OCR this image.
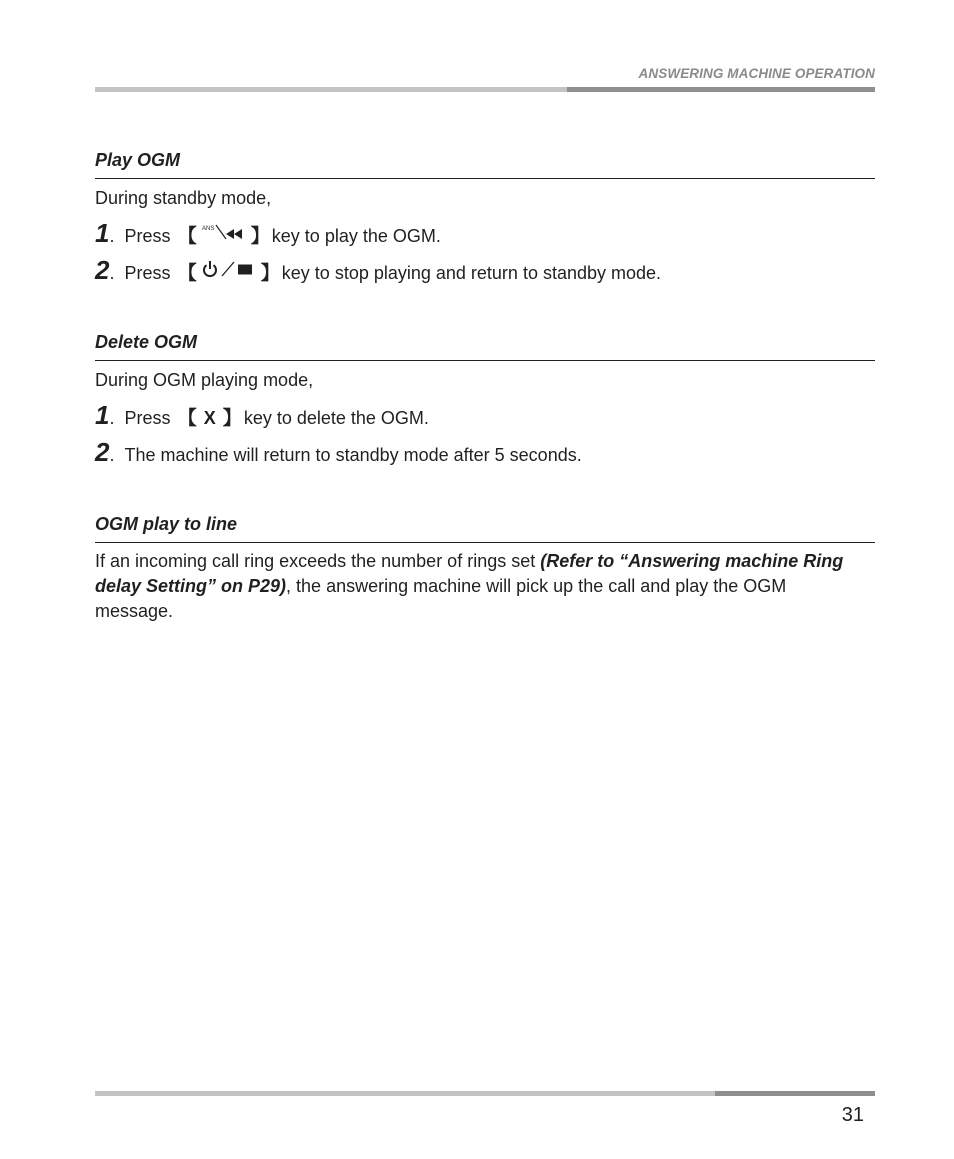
ANSWERING MACHINE OPERATION
Play OGM
During standby mode,
1 . Press 【 ANS 】 key to play the OGM.
2 . Press 【	】 key to stop playing and return to standby mode.
Delete OGM
During OGM playing mode,
1 . Press 【 X 】 key to delete the OGM.
2 . The machine will return to standby mode after 5 seconds.
OGM play to line
If an incoming call ring exceeds the number of rings set (Refer to “Answering machine Ring delay Setting” on P29), the answering machine will pick up the call and play the OGM message.
31
